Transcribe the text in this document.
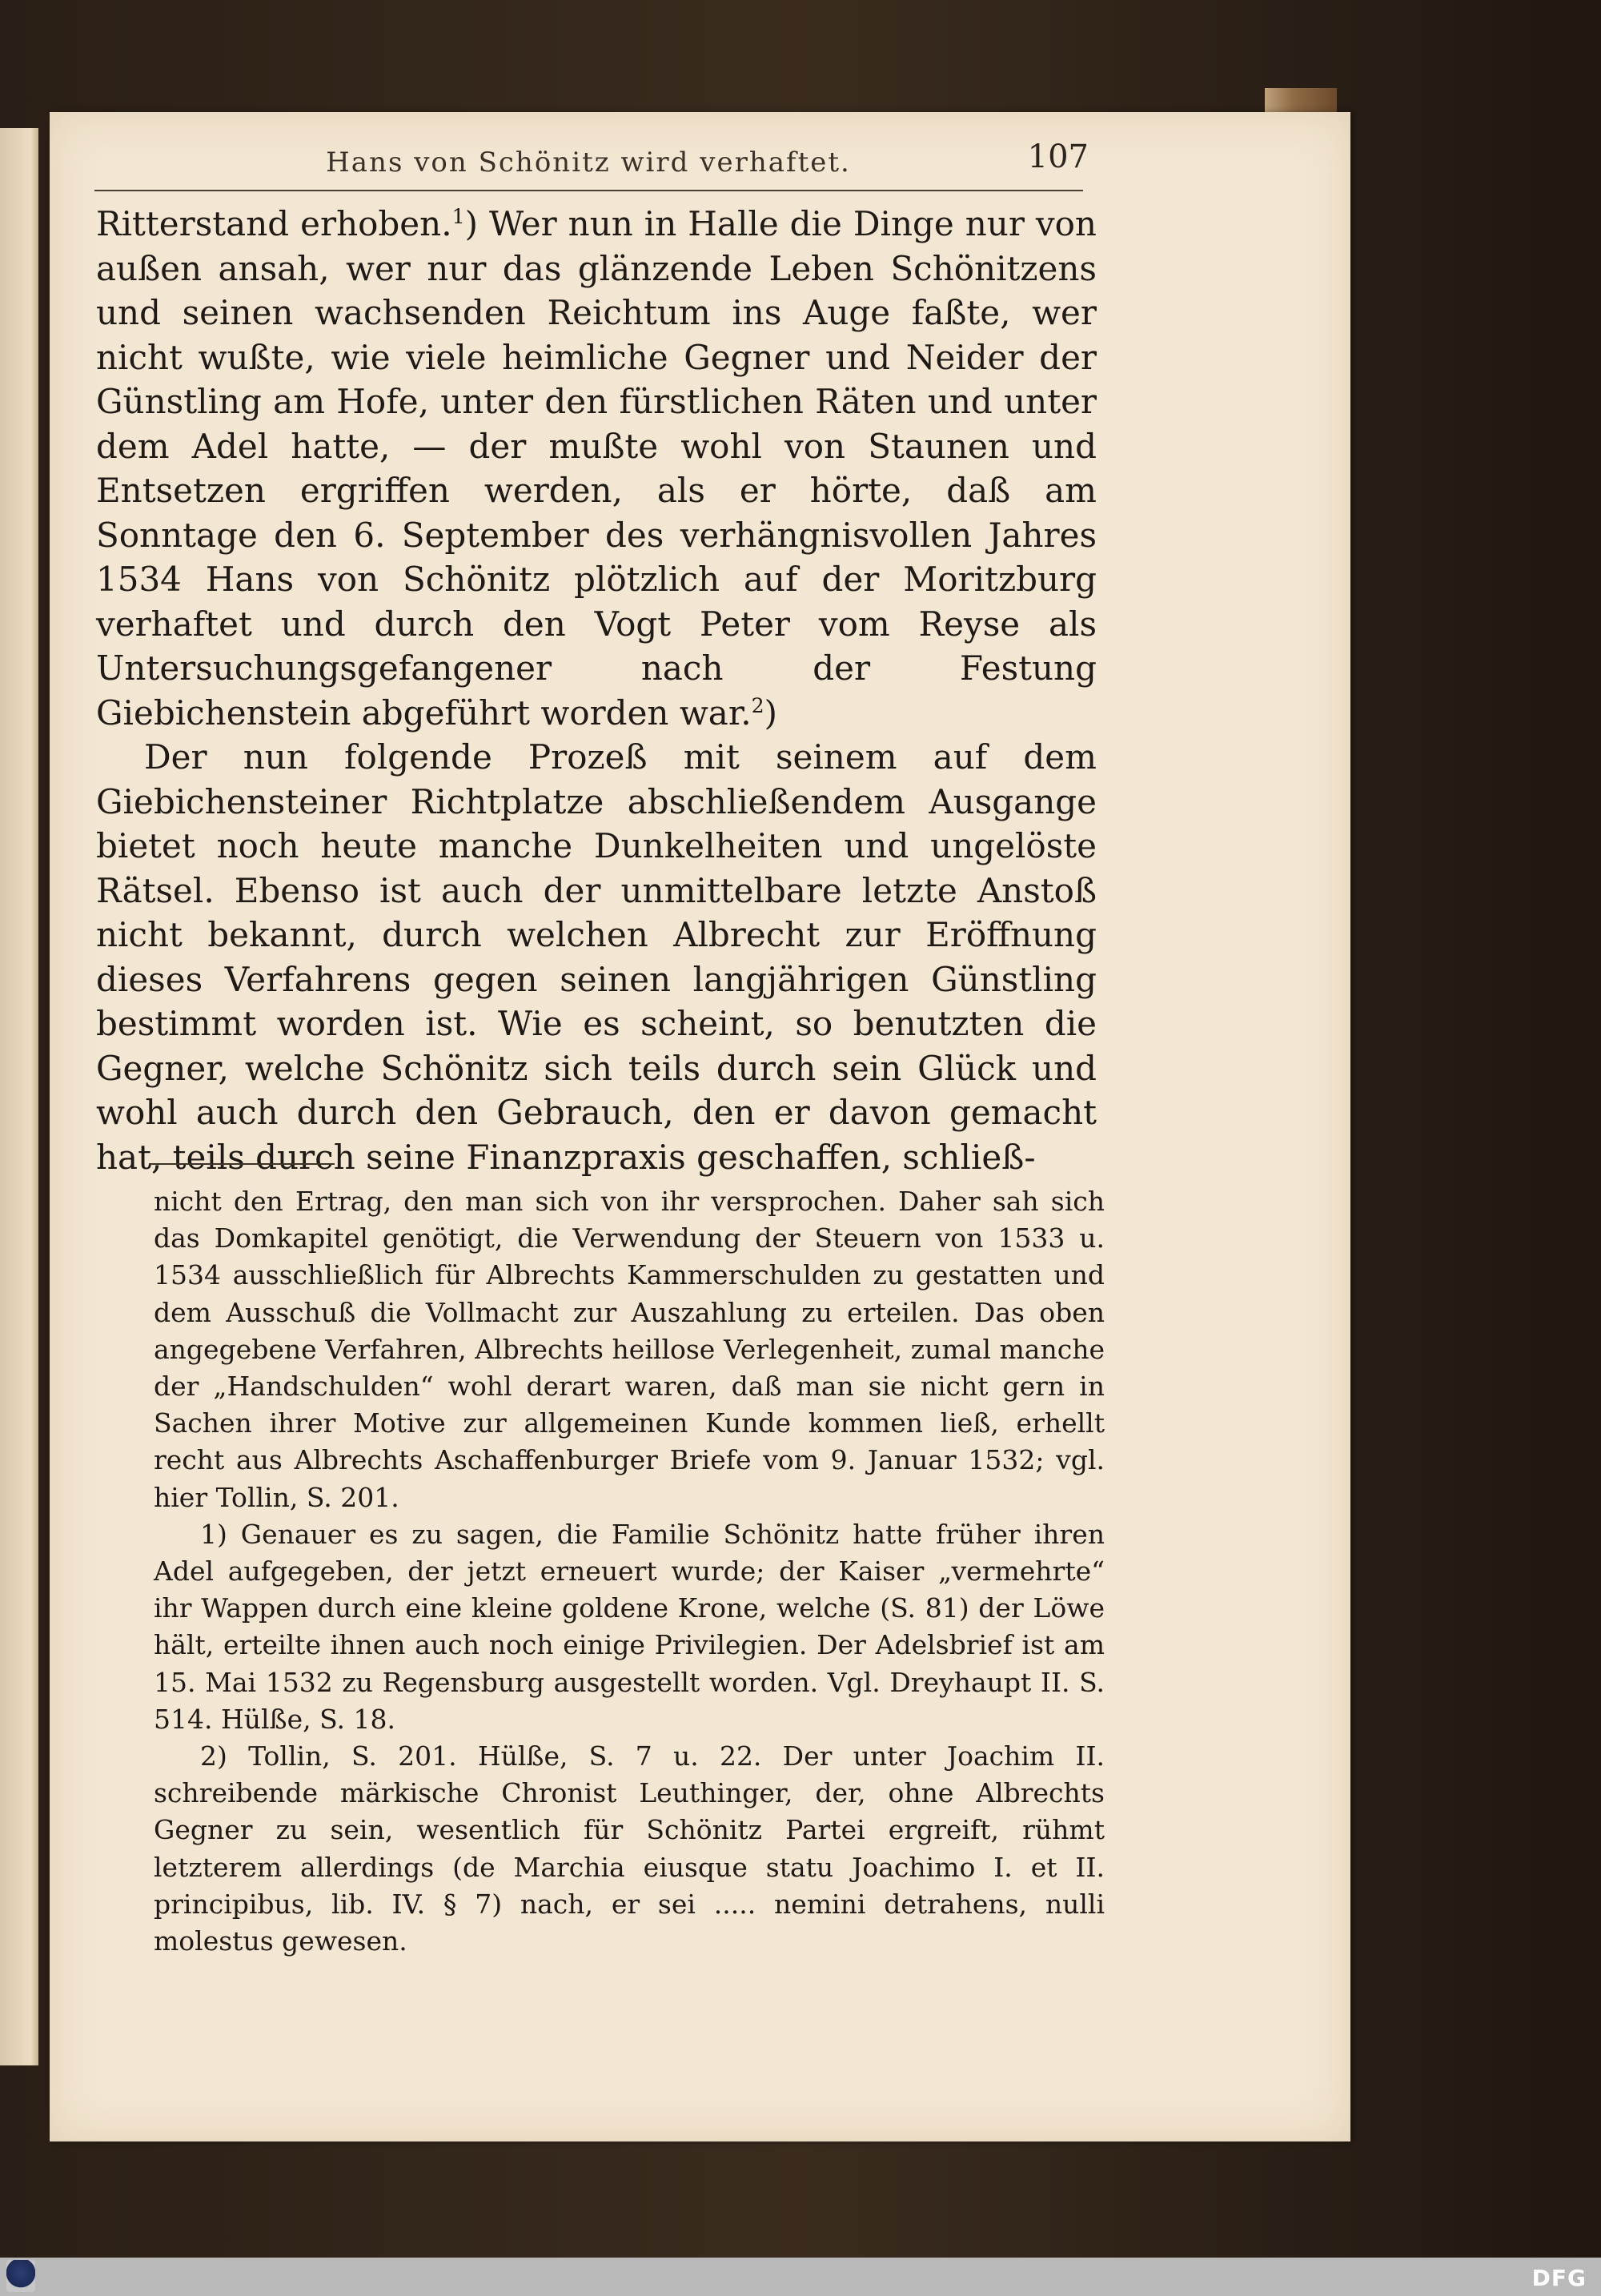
Hans von Schönitz wird verhaftet.	107

Ritterstand erhoben.$^1$) Wer nun in Halle die Dinge nur von außen ansah, wer nur das glänzende Leben Schönitzens und seinen wachsenden Reichtum ins Auge faßte, wer nicht wußte, wie viele heimliche Gegner und Neider der Günstling am Hofe, unter den fürstlichen Räten und unter dem Adel hatte, — der mußte wohl von Staunen und Entsetzen ergriffen werden, als er hörte, daß am Sonntage den 6. September des verhängnisvollen Jahres 1534 Hans von Schönitz plötzlich auf der Moritzburg verhaftet und durch den Vogt Peter vom Reyse als Untersuchungsgefangener nach der Festung Giebichenstein abgeführt worden war.$^2$)

Der nun folgende Prozeß mit seinem auf dem Giebichensteiner Richtplatze abschließendem Ausgange bietet noch heute manche Dunkelheiten und ungelöste Rätsel. Ebenso ist auch der unmittelbare letzte Anstoß nicht bekannt, durch welchen Albrecht zur Eröffnung dieses Verfahrens gegen seinen langjährigen Günstling bestimmt worden ist. Wie es scheint, so benutzten die Gegner, welche Schönitz sich teils durch sein Glück und wohl auch durch den Gebrauch, den er davon gemacht hat, teils durch seine Finanzpraxis geschaffen, schließ-

nicht den Ertrag, den man sich von ihr versprochen. Daher sah sich das Domkapitel genötigt, die Verwendung der Steuern von 1533 u. 1534 ausschließlich für Albrechts Kammerschulden zu gestatten und dem Ausschuß die Vollmacht zur Auszahlung zu erteilen. Das oben angegebene Verfahren, Albrechts heillose Verlegenheit, zumal manche der „Handschulden“ wohl derart waren, daß man sie nicht gern in Sachen ihrer Motive zur allgemeinen Kunde kommen ließ, erhellt recht aus Albrechts Aschaffenburger Briefe vom 9. Januar 1532; vgl. hier Tollin, S. 201.

1) Genauer es zu sagen, die Familie Schönitz hatte früher ihren Adel aufgegeben, der jetzt erneuert wurde; der Kaiser „vermehrte“ ihr Wappen durch eine kleine goldene Krone, welche (S. 81) der Löwe hält, erteilte ihnen auch noch einige Privilegien. Der Adelsbrief ist am 15. Mai 1532 zu Regensburg ausgestellt worden. Vgl. Dreyhaupt II. S. 514. Hülße, S. 18.

2) Tollin, S. 201. Hülße, S. 7 u. 22. Der unter Joachim II. schreibende märkische Chronist Leuthinger, der, ohne Albrechts Gegner zu sein, wesentlich für Schönitz Partei ergreift, rühmt letzterem allerdings (de Marchia eiusque statu Joachimo I. et II. principibus, lib. IV. § 7) nach, er sei ..... nemini detrahens, nulli molestus gewesen.

DFG
